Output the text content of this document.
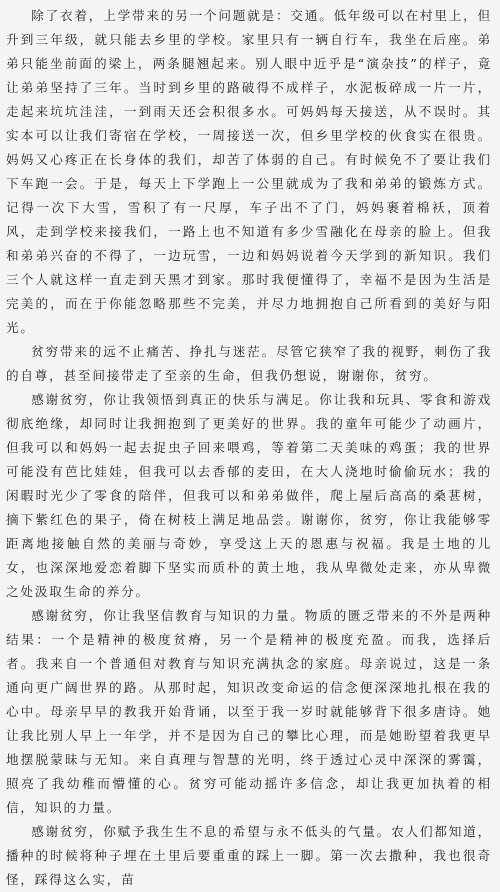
除了衣着，上学带来的另一个问题就是：交通。低年级可以在村里上，但升到三年级，就只能去乡里的学校。家里只有一辆自行车，我坐在后座。弟弟只能坐前面的梁上，两条腿翘起来。别人眼中近乎是“演杂技”的样子，竟让弟弟坚持了三年。当时到乡里的路破得不成样子，水泥板碎成一片一片，走起来坑坑洼洼，一到雨天还会积很多水。可妈妈每天接送，从不误时。其实本可以让我们寄宿在学校，一周接送一次，但乡里学校的伙食实在很贵。妈妈又心疼正在长身体的我们，却苦了体弱的自己。有时候免不了要让我们下车跑一会。于是，每天上下学跑上一公里就成为了我和弟弟的锻炼方式。记得一次下大雪，雪积了有一尺厚，车子出不了门，妈妈裹着棉袄，顶着风，走到学校来接我们，一路上也不知道有多少雪融化在母亲的脸上。但我和弟弟兴奋的不得了，一边玩雪，一边和妈妈说着今天学到的新知识。我们三个人就这样一直走到天黑才到家。那时我便懂得了，幸福不是因为生活是完美的，而在于你能忽略那些不完美，并尽力地拥抱自己所看到的美好与阳光。

贫穷带来的远不止痛苦、挣扎与迷茫。尽管它狭窄了我的视野，刺伤了我的自尊，甚至间接带走了至亲的生命，但我仍想说，谢谢你，贫穷。

感谢贫穷，你让我领悟到真正的快乐与满足。你让我和玩具、零食和游戏彻底绝缘，却同时让我拥抱到了更美好的世界。我的童年可能少了动画片，但我可以和妈妈一起去捉虫子回来喂鸡，等着第二天美味的鸡蛋；我的世界可能没有芭比娃娃，但我可以去香郁的麦田，在大人浇地时偷偷玩水；我的闲暇时光少了零食的陪伴，但我可以和弟弟做伴，爬上屋后高高的桑葚树，摘下紫红色的果子，倚在树枝上满足地品尝。谢谢你，贫穷，你让我能够零距离地接触自然的美丽与奇妙，享受这上天的恩惠与祝福。我是土地的儿女，也深深地爱恋着脚下坚实而质朴的黄土地，我从卑微处走来，亦从卑微之处汲取生命的养分。

感谢贫穷，你让我坚信教育与知识的力量。物质的匮乏带来的不外是两种结果：一个是精神的极度贫瘠，另一个是精神的极度充盈。而我，选择后者。我来自一个普通但对教育与知识充满执念的家庭。母亲说过，这是一条通向更广阔世界的路。从那时起，知识改变命运的信念便深深地扎根在我的心中。母亲早早的教我开始背诵，以至于我一岁时就能够背下很多唐诗。她让我比别人早上一年学，并不是因为自己的攀比心理，而是她盼望着我更早地摆脱蒙昧与无知。来自真理与智慧的光明，终于透过心灵中深深的雾霭，照亮了我幼稚而懵懂的心。贫穷可能动摇许多信念，却让我更加执着的相信，知识的力量。

感谢贫穷，你赋予我生生不息的希望与永不低头的气量。农人们都知道，播种的时候将种子埋在土里后要重重的踩上一脚。第一次去撒种，我也很奇怪，踩得这么实，苗
